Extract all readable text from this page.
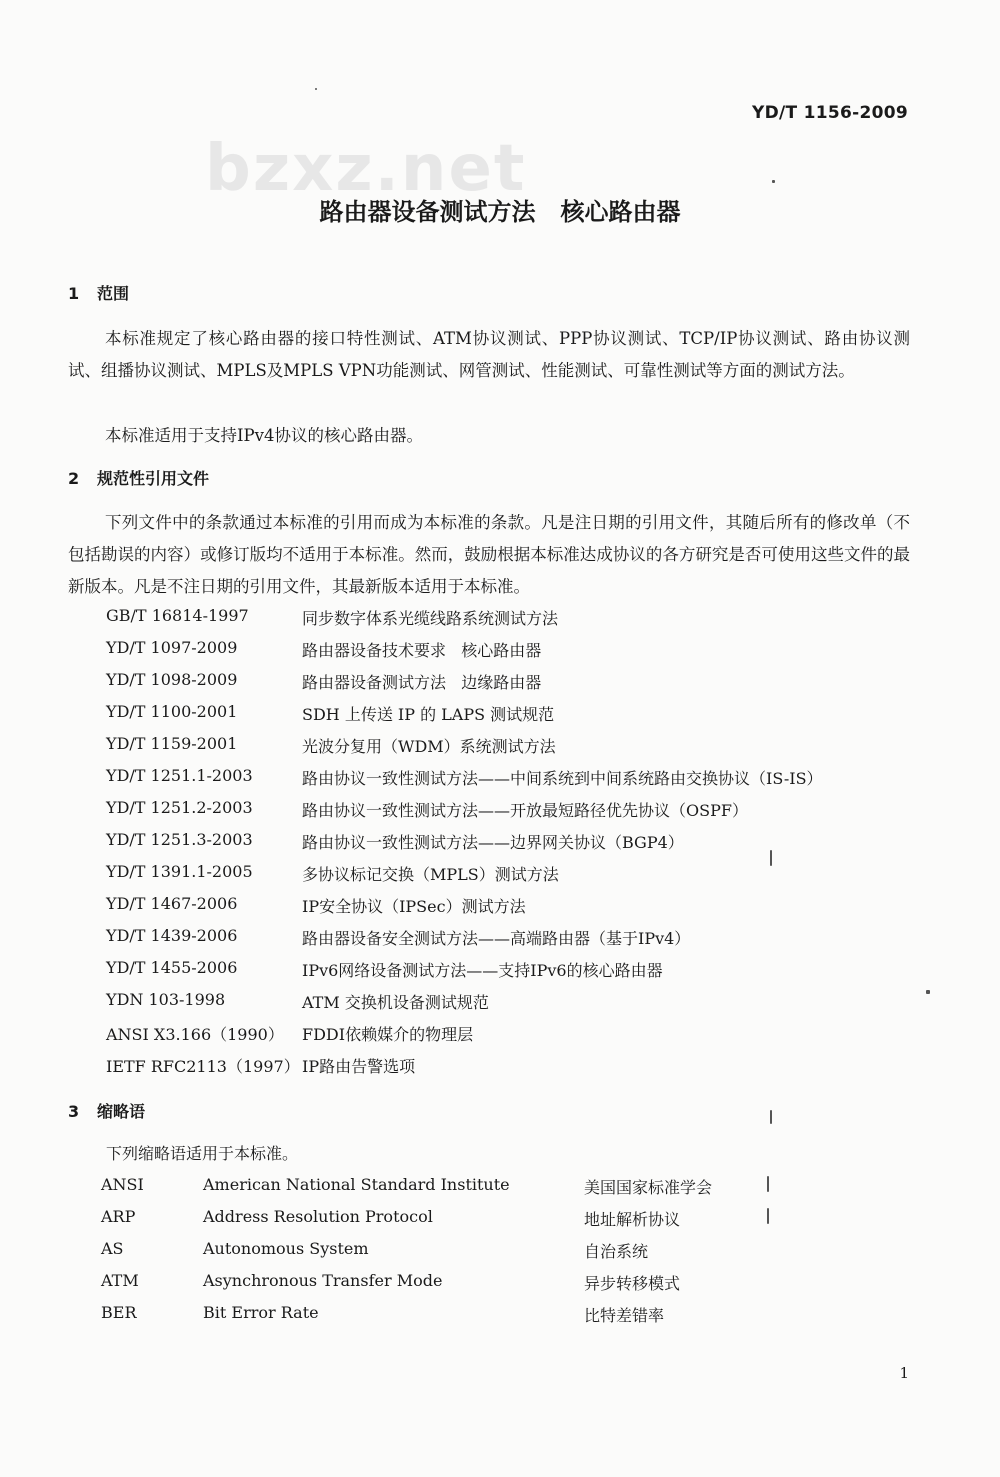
bzxz.net
YD/T 1156-2009
路由器设备测试方法   核心路由器
1 范围

本标准规定了核心路由器的接口特性测试、ATM协议测试、PPP协议测试、TCP/IP协议测试、路由协议测试、组播协议测试、MPLS及MPLS VPN功能测试、网管测试、性能测试、可靠性测试等方面的测试方法。

本标准适用于支持IPv4协议的核心路由器。

2 规范性引用文件

下列文件中的条款通过本标准的引用而成为本标准的条款。凡是注日期的引用文件，其随后所有的修改单（不包括勘误的内容）或修订版均不适用于本标准。然而，鼓励根据本标准达成协议的各方研究是否可使用这些文件的最新版本。凡是不注日期的引用文件，其最新版本适用于本标准。

GB/T 16814-1997	同步数字体系光缆线路系统测试方法
YD/T 1097-2009	路由器设备技术要求   核心路由器
YD/T 1098-2009	路由器设备测试方法   边缘路由器
YD/T 1100-2001	SDH 上传送 IP 的 LAPS 测试规范
YD/T 1159-2001	光波分复用（WDM）系统测试方法
YD/T 1251.1-2003	路由协议一致性测试方法——中间系统到中间系统路由交换协议（IS-IS）
YD/T 1251.2-2003	路由协议一致性测试方法——开放最短路径优先协议（OSPF）
YD/T 1251.3-2003	路由协议一致性测试方法——边界网关协议（BGP4）
YD/T 1391.1-2005	多协议标记交换（MPLS）测试方法
YD/T 1467-2006	IP安全协议（IPSec）测试方法
YD/T 1439-2006	路由器设备安全测试方法——高端路由器（基于IPv4）
YD/T 1455-2006	IPv6网络设备测试方法——支持IPv6的核心路由器
YDN 103-1998	ATM 交换机设备测试规范
ANSI X3.166（1990） FDDI依赖媒介的物理层
IETF RFC2113（1997） IP路由告警选项
3 缩略语
下列缩略语适用于本标准。
ANSI	American National Standard Institute	美国国家标准学会
ARP	Address Resolution Protocol	地址解析协议
AS	Autonomous System	自治系统
ATM	Asynchronous Transfer Mode	异步转移模式
BER	Bit Error Rate	比特差错率
1
